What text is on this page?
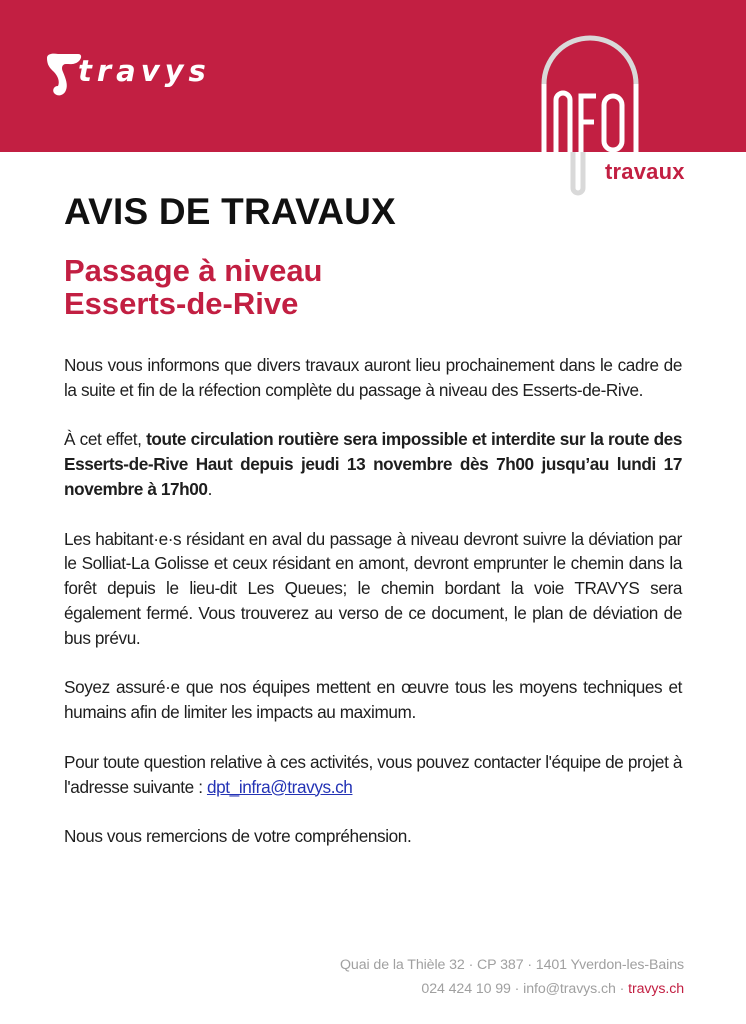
travys
travaux
AVIS DE TRAVAUX
Passage à niveau
Esserts-de-Rive

Nous vous informons que divers travaux auront lieu prochainement dans le cadre de la suite et fin de la réfection complète du passage à niveau des Esserts-de-Rive.

À cet effet, toute circulation routière sera impossible et interdite sur la route des Esserts-de-Rive Haut depuis jeudi 13 novembre dès 7h00 jusqu’au lundi 17 novembre à 17h00.

Les habitant·e·s résidant en aval du passage à niveau devront suivre la déviation par le Solliat-La Golisse et ceux résidant en amont, devront emprunter le chemin dans la forêt depuis le lieu-dit Les Queues; le chemin bordant la voie TRAVYS sera également fermé. Vous trouverez au verso de ce document, le plan de déviation de bus prévu.

Soyez assuré·e que nos équipes mettent en œuvre tous les moyens techniques et humains afin de limiter les impacts au maximum.

Pour toute question relative à ces activités, vous pouvez contacter l'équipe de projet à l'adresse suivante : dpt_infra@travys.ch

Nous vous remercions de votre compréhension.

Quai de la Thièle 32 · CP 387 · 1401 Yverdon-les-Bains
024 424 10 99 · info@travys.ch · travys.ch
